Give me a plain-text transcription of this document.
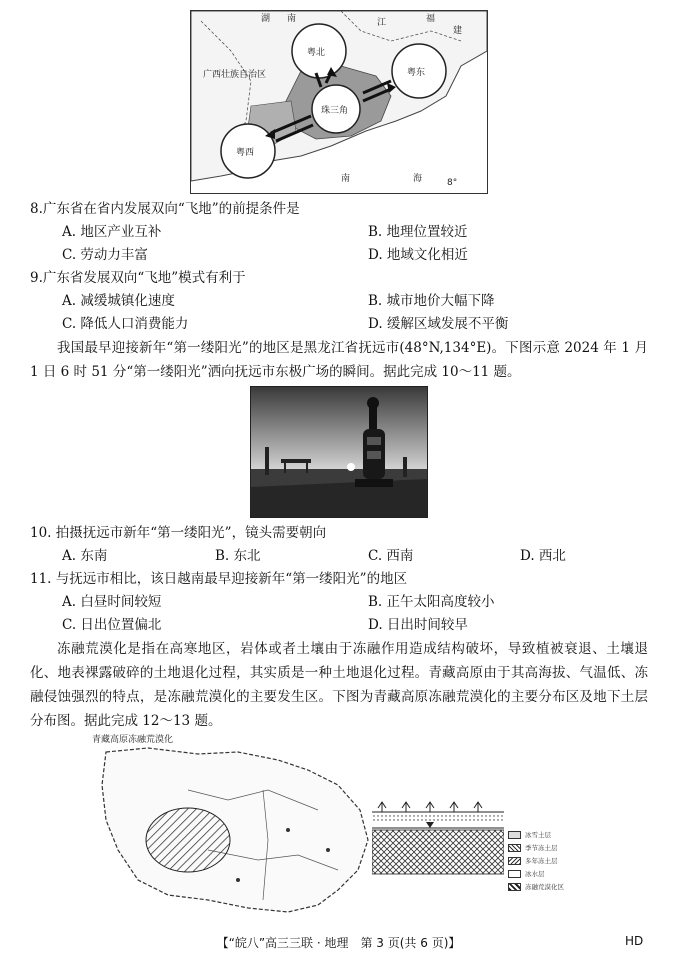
湖 南	江	福
建
广西壮族自治区
粤北
粤东
珠三角
粤西
南	海	8°
8.广东省在省内发展双向“飞地”的前提条件是
A. 地区产业互补	B. 地理位置较近
C. 劳动力丰富	D. 地域文化相近
9.广东省发展双向“飞地”模式有利于
A. 减缓城镇化速度	B. 城市地价大幅下降
C. 降低人口消费能力	D. 缓解区域发展不平衡
我国最早迎接新年“第一缕阳光”的地区是黑龙江省抚远市(48°N,134°E)。下图示意 2024 年 1 月 1 日 6 时 51 分“第一缕阳光”洒向抚远市东极广场的瞬间。据此完成 10～11 题。
10. 拍摄抚远市新年“第一缕阳光”，镜头需要朝向
A. 东南	B. 东北	C. 西南	D. 西北
11. 与抚远市相比，该日越南最早迎接新年“第一缕阳光”的地区
A. 白昼时间较短	B. 正午太阳高度较小
C. 日出位置偏北	D. 日出时间较早
冻融荒漠化是指在高寒地区，岩体或者土壤由于冻融作用造成结构破坏，导致植被衰退、土壤退化、地表裸露破碎的土地退化过程，其实质是一种土地退化过程。青藏高原由于其高海拔、气温低、冻融侵蚀强烈的特点，是冻融荒漠化的主要发生区。下图为青藏高原冻融荒漠化的主要分布区及地下土层分布图。据此完成 12～13 题。
青藏高原冻融荒漠化
冰雪土层
季节冻土层
多年冻土层
冰水层
冻融荒漠化区
【“皖八”高三三联 · 地理　第 3 页(共 6 页)】	HD
